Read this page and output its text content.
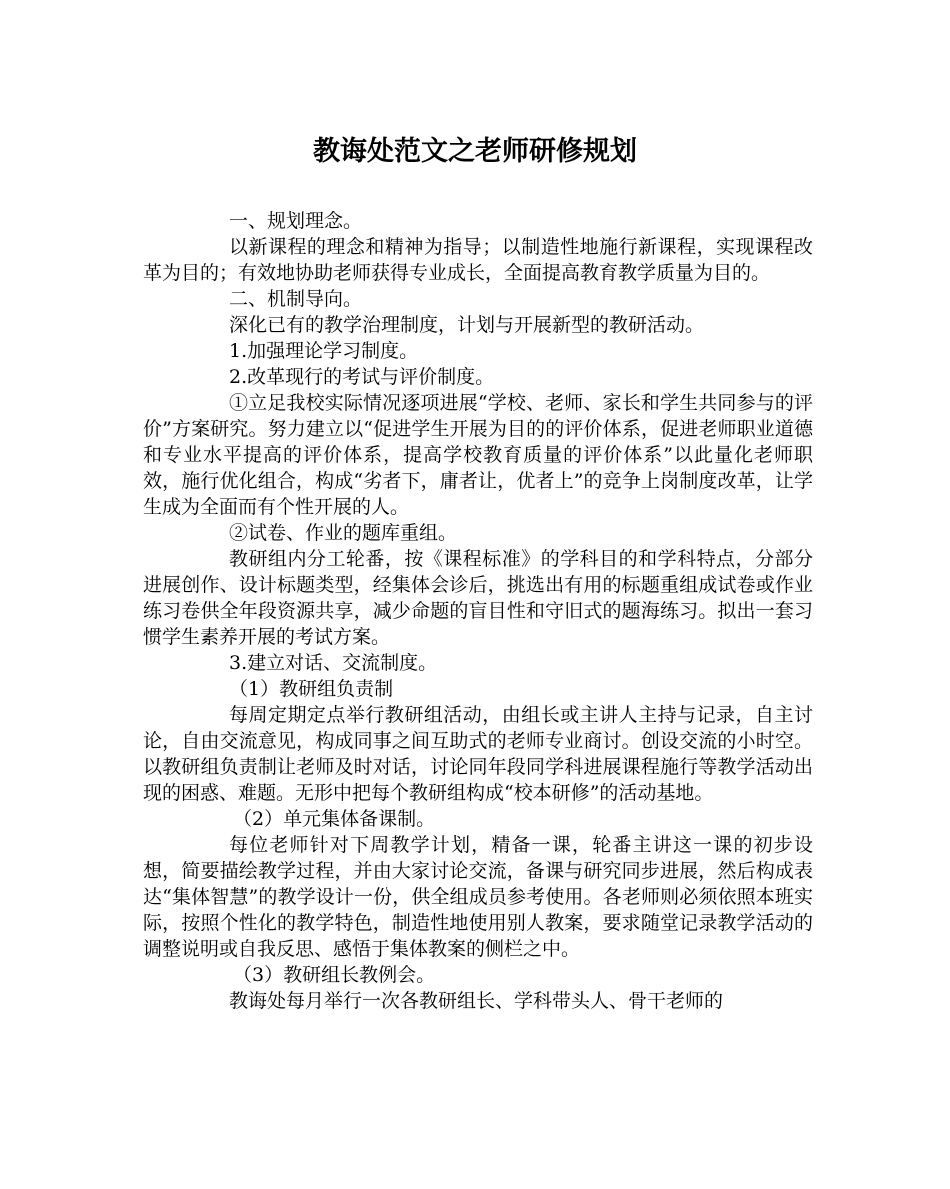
教诲处范文之老师研修规划

一、规划理念。

以新课程的理念和精神为指导；以制造性地施行新课程，实现课程改革为目的；有效地协助老师获得专业成长，全面提高教育教学质量为目的。

二、机制导向。

深化已有的教学治理制度，计划与开展新型的教研活动。

1.加强理论学习制度。

2.改革现行的考试与评价制度。

①立足我校实际情况逐项进展“学校、老师、家长和学生共同参与的评价”方案研究。努力建立以“促进学生开展为目的的评价体系，促进老师职业道德和专业水平提高的评价体系，提高学校教育质量的评价体系”以此量化老师职效，施行优化组合，构成“劣者下，庸者让，优者上”的竞争上岗制度改革，让学生成为全面而有个性开展的人。

②试卷、作业的题库重组。

教研组内分工轮番，按《课程标准》的学科目的和学科特点，分部分进展创作、设计标题类型，经集体会诊后，挑选出有用的标题重组成试卷或作业练习卷供全年段资源共享，减少命题的盲目性和守旧式的题海练习。拟出一套习惯学生素养开展的考试方案。

3.建立对话、交流制度。

（1）教研组负责制

每周定期定点举行教研组活动，由组长或主讲人主持与记录，自主讨论，自由交流意见，构成同事之间互助式的老师专业商讨。创设交流的小时空。以教研组负责制让老师及时对话，讨论同年段同学科进展课程施行等教学活动出现的困惑、难题。无形中把每个教研组构成“校本研修”的活动基地。

（2）单元集体备课制。

每位老师针对下周教学计划，精备一课，轮番主讲这一课的初步设想，简要描绘教学过程，并由大家讨论交流，备课与研究同步进展，然后构成表达“集体智慧”的教学设计一份，供全组成员参考使用。各老师则必须依照本班实际，按照个性化的教学特色，制造性地使用别人教案，要求随堂记录教学活动的调整说明或自我反思、感悟于集体教案的侧栏之中。

（3）教研组长教例会。

教诲处每月举行一次各教研组长、学科带头人、骨干老师的
